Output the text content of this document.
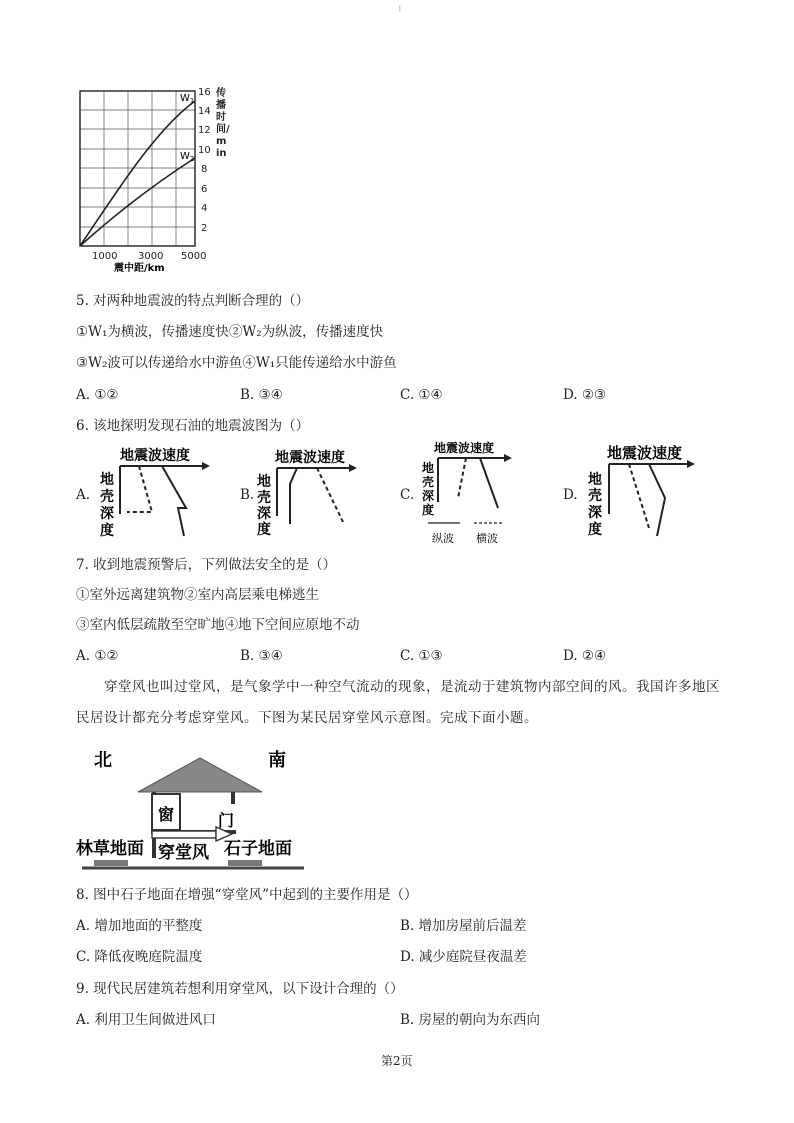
1
$W_1$
$W_2$
16
14
12
10
8
6
4
2
1000 3000 5000
震中距/km
传播时间/min
5. 对两种地震波的特点判断合理的（）
①W₁为横波，传播速度快②W₂为纵波，传播速度快
③W₂波可以传递给水中游鱼④W₁只能传递给水中游鱼
A. ①②	B. ③④	C. ①④	D. ②③
6. 该地探明发现石油的地震波图为（）
A.
地震波速度
地
壳
深
度
B.
地震波速度
地
壳
深
度
C.
地震波速度
地
壳
深
度
纵波 横波
D.
地震波速度
地
壳
深
度
7. 收到地震预警后，下列做法安全的是（）
①室外远离建筑物②室内高层乘电梯逃生
③室内低层疏散至空旷地④地下空间应原地不动
A. ①②	B. ③④	C. ①③	D. ②④
穿堂风也叫过堂风，是气象学中一种空气流动的现象，是流动于建筑物内部空间的风。我国许多地区
民居设计都充分考虑穿堂风。下图为某民居穿堂风示意图。完成下面小题。
北	南
窗	门
林草地面 穿堂风 石子地面
8. 图中石子地面在增强“穿堂风”中起到的主要作用是（）
A. 增加地面的平整度	B. 增加房屋前后温差
C. 降低夜晚庭院温度	D. 减少庭院昼夜温差
9. 现代民居建筑若想利用穿堂风，以下设计合理的（）
A. 利用卫生间做进风口	B. 房屋的朝向为东西向
第2页
